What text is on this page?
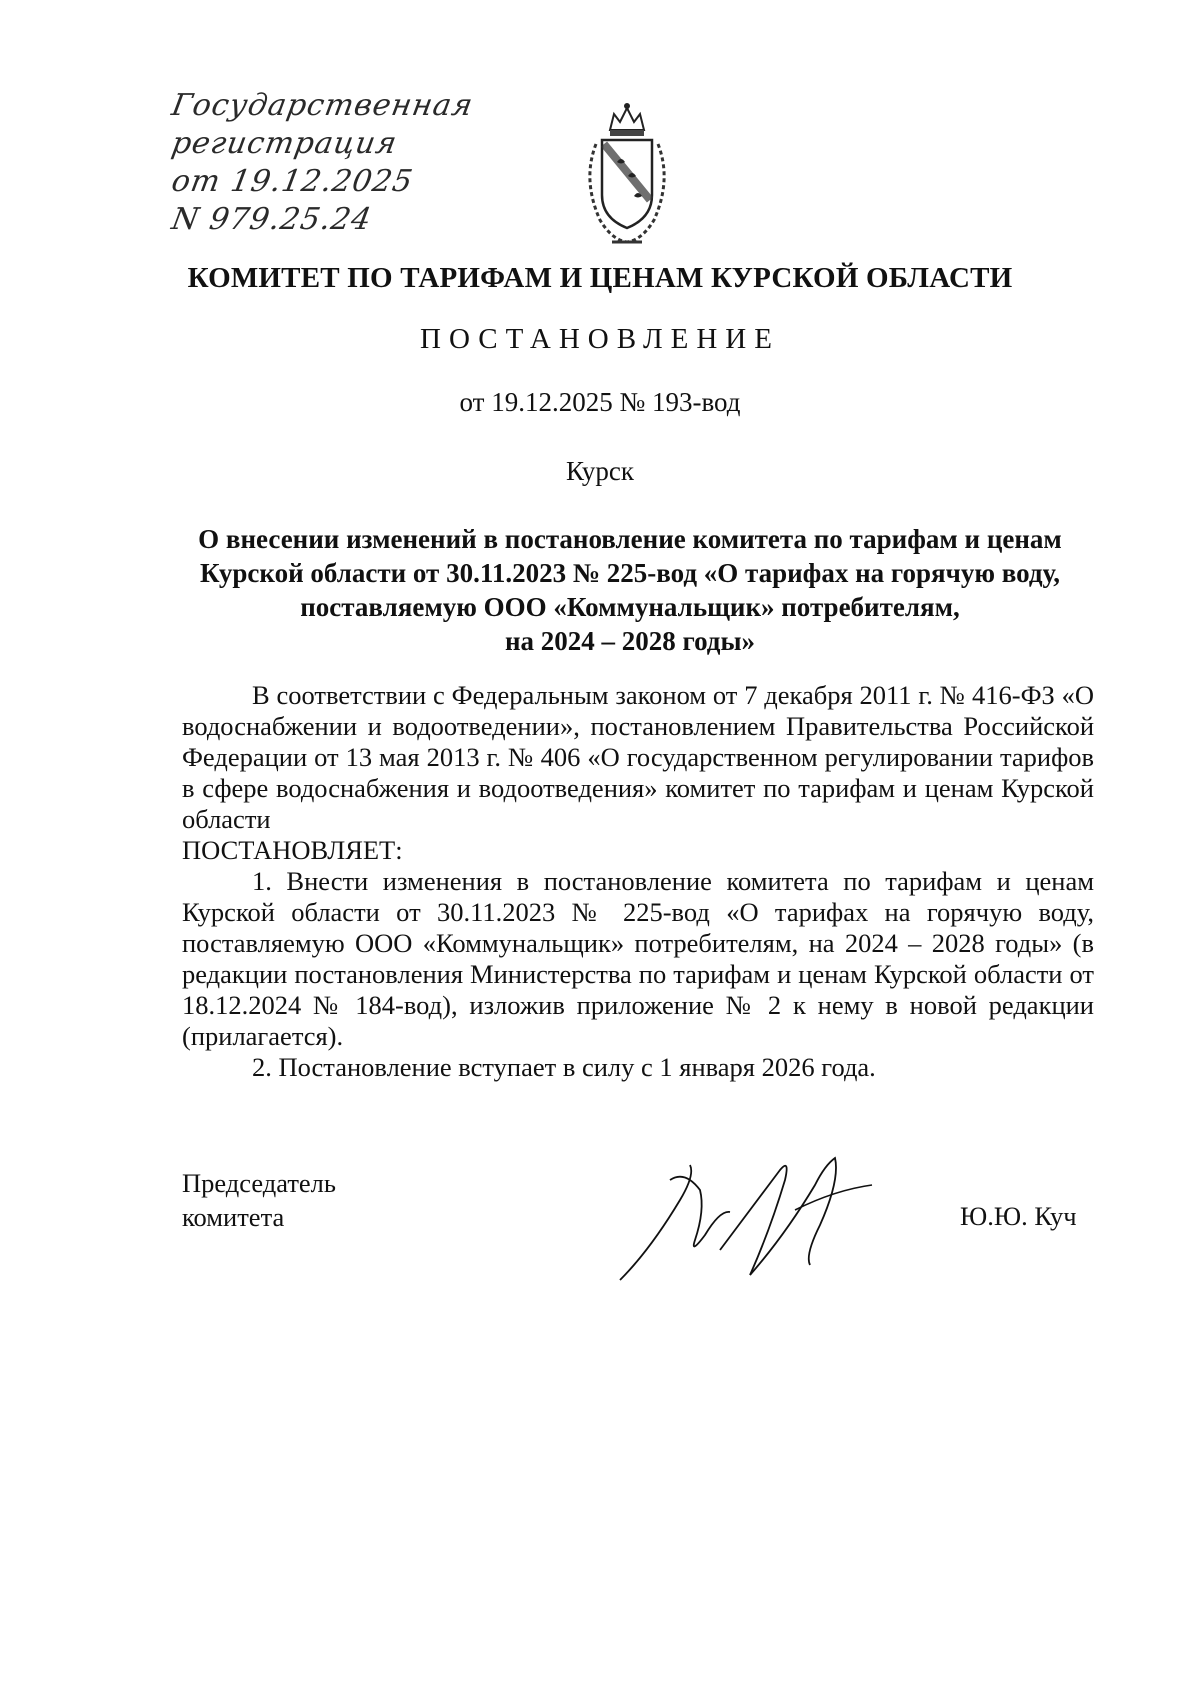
Государственная
регистрация
от 19.12.2025
N 979.25.24
КОМИТЕТ ПО ТАРИФАМ И ЦЕНАМ КУРСКОЙ ОБЛАСТИ
ПОСТАНОВЛЕНИЕ
от 19.12.2025 № 193-вод
Курск
О внесении изменений в постановление комитета по тарифам и ценам
Курской области от 30.11.2023 № 225-вод «О тарифах на горячую воду,
поставляемую ООО «Коммунальщик» потребителям,
на 2024 – 2028 годы»

В соответствии с Федеральным законом от 7 декабря 2011 г. № 416-ФЗ «О водоснабжении и водоотведении», постановлением Правительства Российской Федерации от 13 мая 2013 г. № 406 «О государственном регулировании тарифов в сфере водоснабжения и водоотведения» комитет по тарифам и ценам Курской области

ПОСТАНОВЛЯЕТ:

1. Внести изменения в постановление комитета по тарифам и ценам Курской области от 30.11.2023 № 225-вод «О тарифах на горячую воду, поставляемую ООО «Коммунальщик» потребителям, на 2024 – 2028 годы» (в редакции постановления Министерства по тарифам и ценам Курской области от 18.12.2024 № 184-вод), изложив приложение № 2 к нему в новой редакции (прилагается).

2. Постановление вступает в силу с 1 января 2026 года.

Председатель
комитета	Ю.Ю. Куч
